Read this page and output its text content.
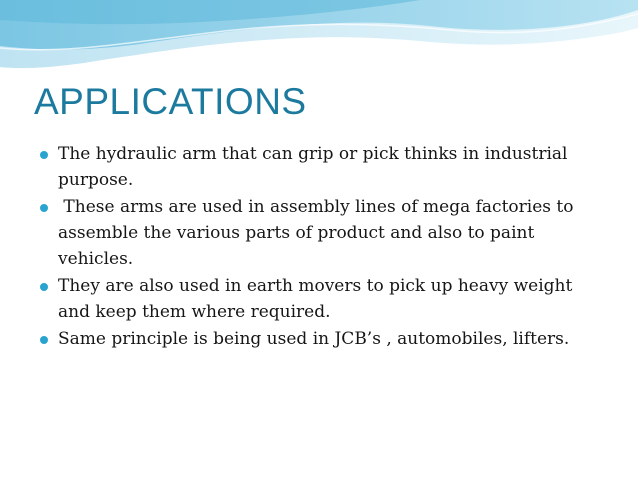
APPLICATIONS
The hydraulic arm that can grip or pick thinks in industrial purpose.
These arms are used in assembly lines of mega factories to assemble the various parts of product and also to paint vehicles.
They are also used in earth movers to pick up heavy weight and keep them where required.
Same principle is being used in JCB’s , automobiles, lifters.
